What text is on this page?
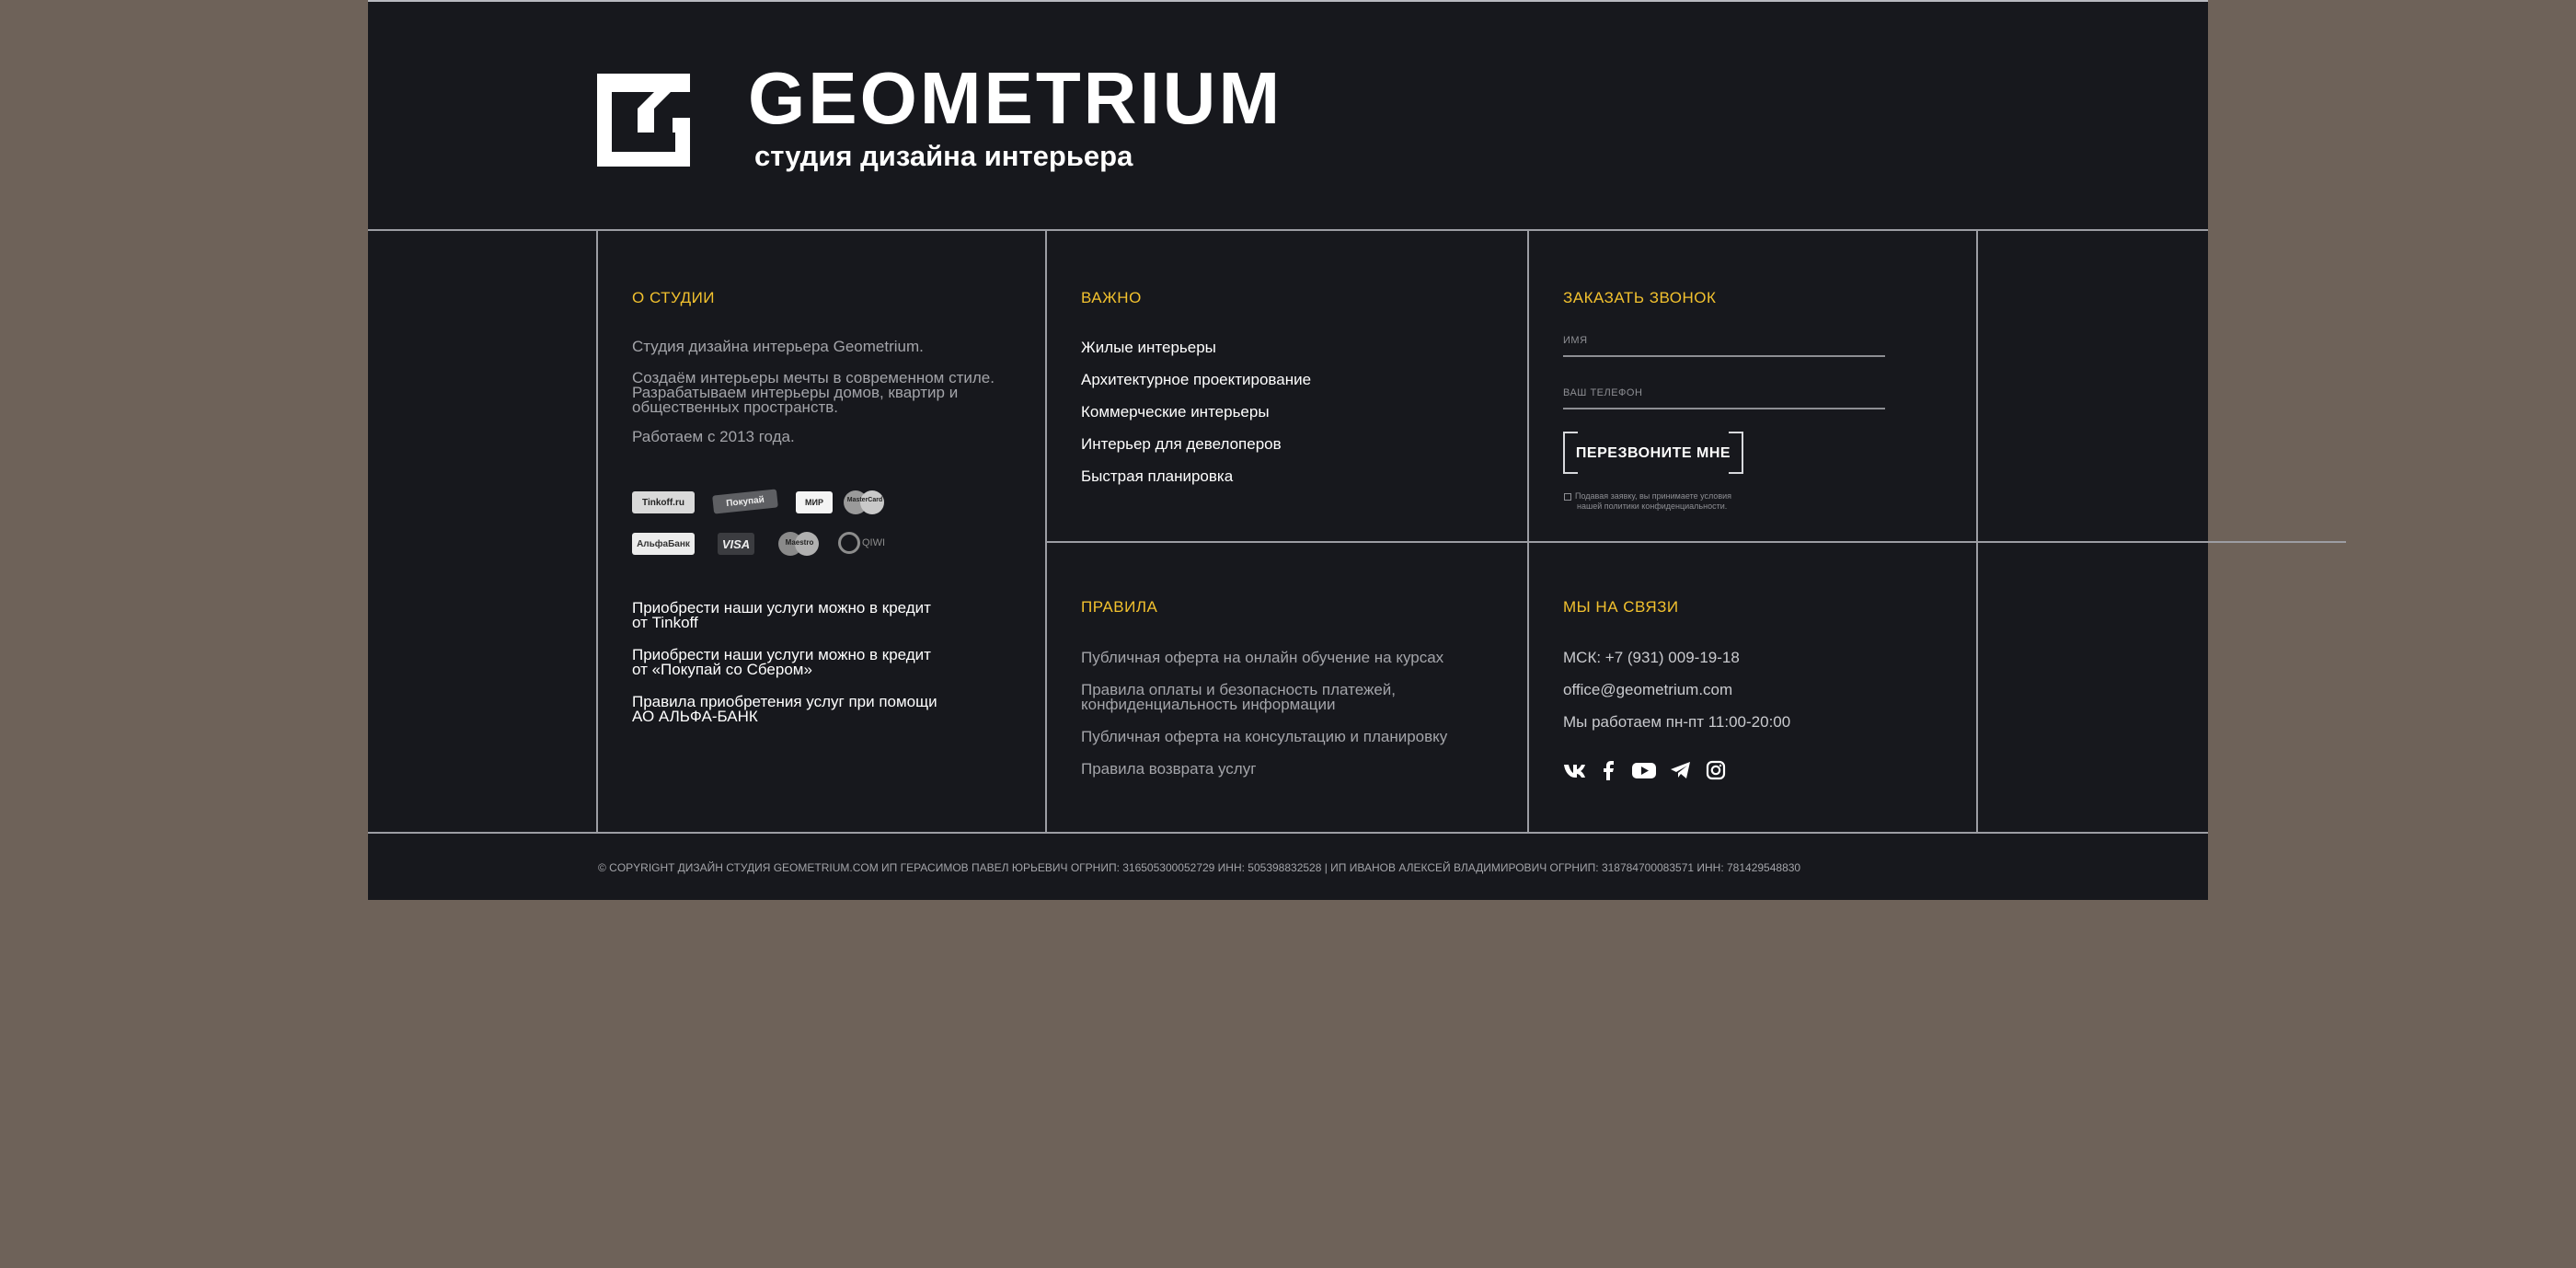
GEOMETRIUM
студия дизайна интерьера
О СТУДИИ
Студия дизайна интерьера Geometrium.
Создаём интерьеры мечты в современном стиле.
Разрабатываем интерьеры домов, квартир и
общественных пространств.
Работаем с 2013 года.
Tinkoff.ru	Покупай	МИР	MasterCard
АльфаБанк	VISA	Maestro	QIWI
Приобрести наши услуги можно в кредит
от Tinkoff
Приобрести наши услуги можно в кредит
от «Покупай со Сбером»
Правила приобретения услуг при помощи
АО АЛЬФА-БАНК
ВАЖНО
Жилые интерьеры
Архитектурное проектирование
Коммерческие интерьеры
Интерьер для девелоперов
Быстрая планировка
ПРАВИЛА
Публичная оферта на онлайн обучение на курсах
Правила оплаты и безопасность платежей,
конфиденциальность информации
Публичная оферта на консультацию и планировку
Правила возврата услуг
ЗАКАЗАТЬ ЗВОНОК
ИМЯ
ВАШ ТЕЛЕФОН
ПЕРЕЗВОНИТЕ МНЕ
Подавая заявку, вы принимаете условия
нашей политики конфиденциальности.
МЫ НА СВЯЗИ
МСК: +7 (931) 009-19-18
office@geometrium.com
Мы работаем пн-пт 11:00-20:00
© COPYRIGHT ДИЗАЙН СТУДИЯ GEOMETRIUM.COM ИП ГЕРАСИМОВ ПАВЕЛ ЮРЬЕВИЧ ОГРНИП: 316505300052729 ИНН: 505398832528 | ИП ИВАНОВ АЛЕКСЕЙ ВЛАДИМИРОВИЧ ОГРНИП: 318784700083571 ИНН: 781429548830
